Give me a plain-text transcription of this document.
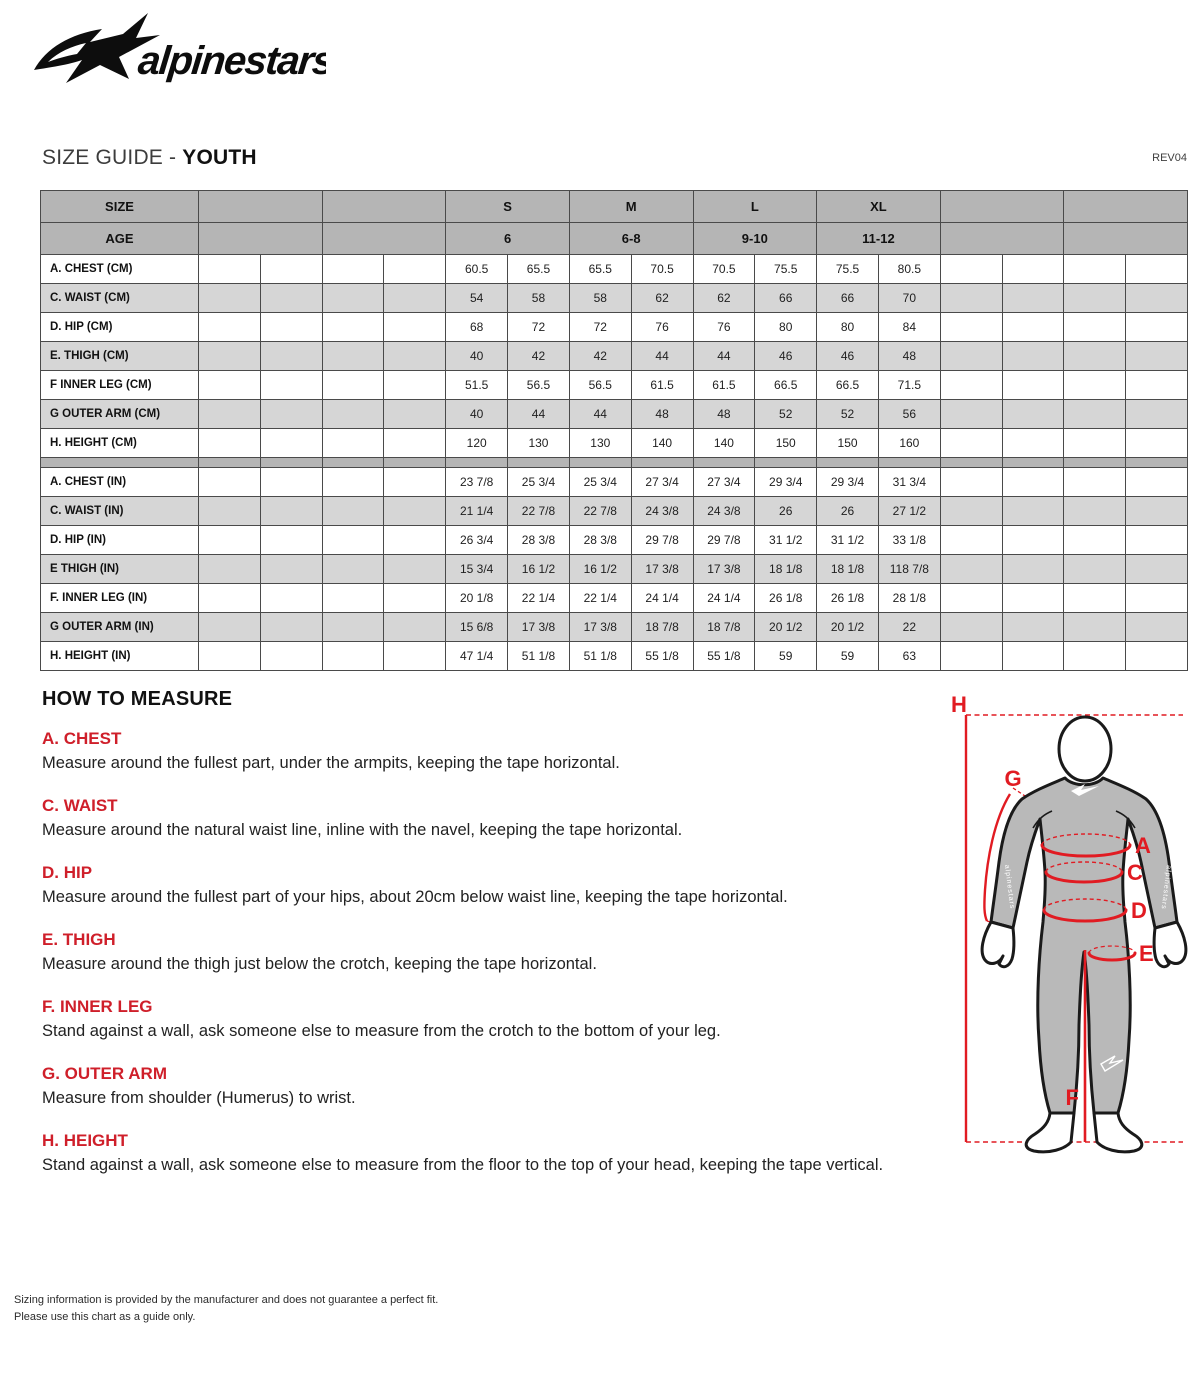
alpinestars
SIZE GUIDE - YOUTH	REV04
SIZE					S		M		L		XL					
AGE					6		6-8		9-10		11-12					
A. CHEST (CM)					60.5	65.5	65.5	70.5	70.5	75.5	75.5	80.5				
C. WAIST (CM)					54	58	58	62	62	66	66	70				
D. HIP (CM)					68	72	72	76	76	80	80	84				
E. THIGH (CM)					40	42	42	44	44	46	46	48				
F INNER LEG (CM)					51.5	56.5	56.5	61.5	61.5	66.5	66.5	71.5				
G OUTER ARM (CM)					40	44	44	48	48	52	52	56				
H. HEIGHT (CM)					120	130	130	140	140	150	150	160				

A. CHEST (IN)					23 7/8	25 3/4	25 3/4	27 3/4	27 3/4	29 3/4	29 3/4	31 3/4				
C. WAIST (IN)					21 1/4	22 7/8	22 7/8	24 3/8	24 3/8	26	26	27 1/2				
D. HIP (IN)					26 3/4	28 3/8	28 3/8	29 7/8	29 7/8	31 1/2	31 1/2	33 1/8				
E THIGH (IN)					15 3/4	16 1/2	16 1/2	17 3/8	17 3/8	18 1/8	18 1/8	118 7/8				
F. INNER LEG (IN)					20 1/8	22 1/4	22 1/4	24 1/4	24 1/4	26 1/8	26 1/8	28 1/8				
G OUTER ARM (IN)					15 6/8	17 3/8	17 3/8	18 7/8	18 7/8	20 1/2	20 1/2	22				
H. HEIGHT (IN)					47 1/4	51 1/8	51 1/8	55 1/8	55 1/8	59	59	63				
HOW TO MEASURE
A. CHEST

Measure around the fullest part, under the armpits, keeping the tape horizontal.

C. WAIST

Measure around the natural waist line, inline with the navel, keeping the tape horizontal.

D. HIP

Measure around the fullest part of your hips, about 20cm below waist line, keeping the tape horizontal.

E. THIGH

Measure around the thigh just below the crotch, keeping the tape horizontal.

F. INNER LEG

Stand against a wall, ask someone else to measure from the crotch to the bottom of your leg.

G. OUTER ARM

Measure from shoulder (Humerus) to wrist.

H. HEIGHT

Stand against a wall, ask someone else to measure from the floor to the top of your head, keeping the tape vertical.

alpinestars	alpinestars
H
G
A
C
D
E
F
Sizing information is provided by the manufacturer and does not guarantee a perfect fit.
Please use this chart as a guide only.
